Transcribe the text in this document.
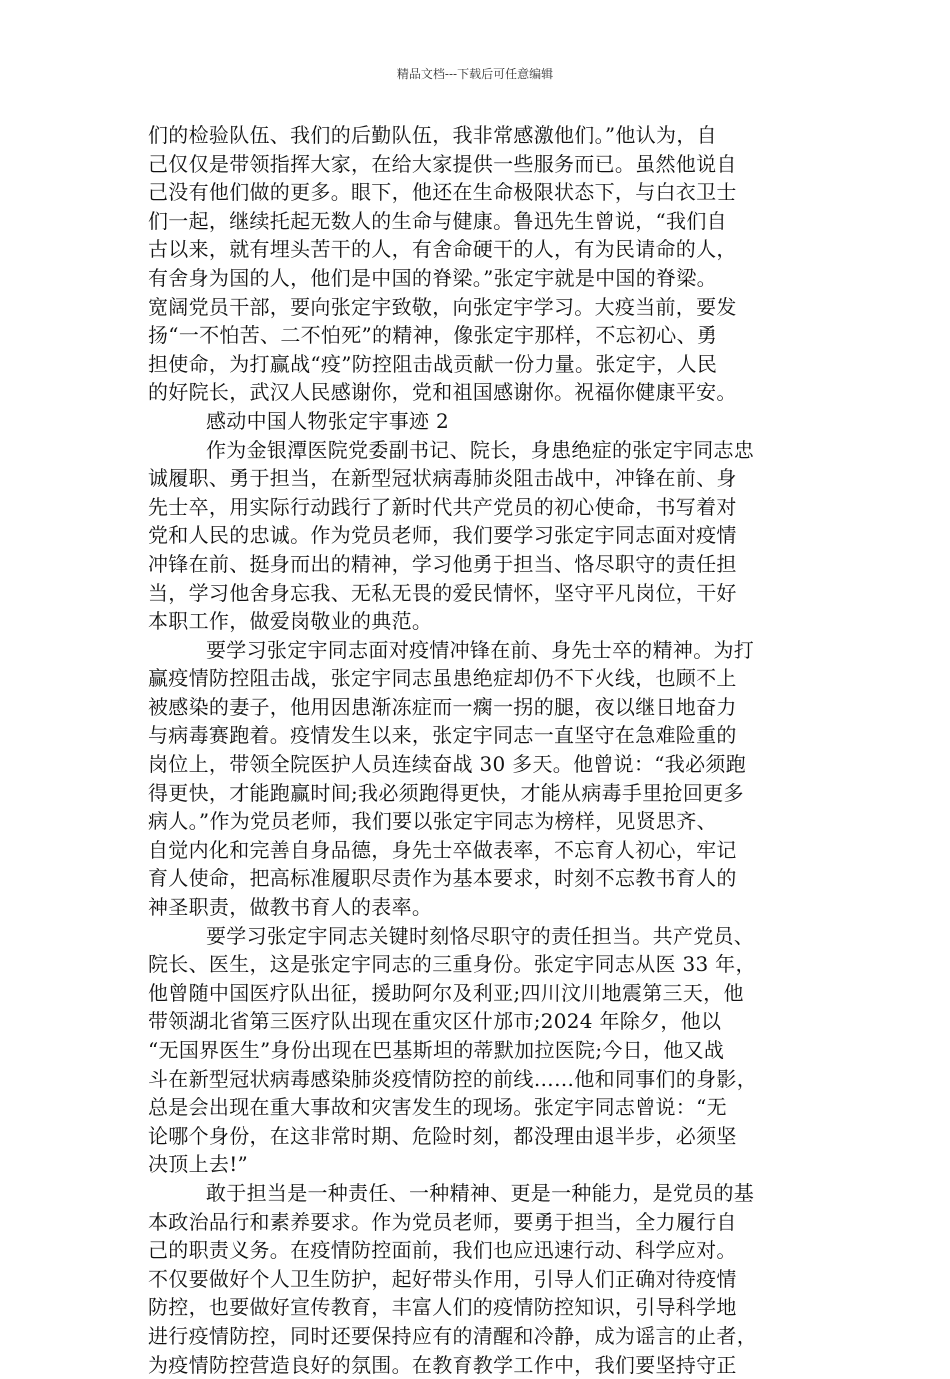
精品文档---下载后可任意编辑
们的检验队伍、我们的后勤队伍，我非常感激他们。”他认为，自
己仅仅是带领指挥大家，在给大家提供一些服务而已。虽然他说自
己没有他们做的更多。眼下，他还在生命极限状态下，与白衣卫士
们一起，继续托起无数人的生命与健康。鲁迅先生曾说，“我们自
古以来，就有埋头苦干的人，有舍命硬干的人，有为民请命的人，
有舍身为国的人，他们是中国的脊梁。”张定宇就是中国的脊梁。
宽阔党员干部，要向张定宇致敬，向张定宇学习。大疫当前，要发
扬“一不怕苦、二不怕死”的精神，像张定宇那样，不忘初心、勇
担使命，为打赢战“疫”防控阻击战贡献一份力量。张定宇，人民
的好院长，武汉人民感谢你，党和祖国感谢你。祝福你健康平安。
感动中国人物张定宇事迹 2
作为金银潭医院党委副书记、院长，身患绝症的张定宇同志忠
诚履职、勇于担当，在新型冠状病毒肺炎阻击战中，冲锋在前、身
先士卒，用实际行动践行了新时代共产党员的初心使命，书写着对
党和人民的忠诚。作为党员老师，我们要学习张定宇同志面对疫情
冲锋在前、挺身而出的精神，学习他勇于担当、恪尽职守的责任担
当，学习他舍身忘我、无私无畏的爱民情怀，坚守平凡岗位，干好
本职工作，做爱岗敬业的典范。
要学习张定宇同志面对疫情冲锋在前、身先士卒的精神。为打
赢疫情防控阻击战，张定宇同志虽患绝症却仍不下火线，也顾不上
被感染的妻子，他用因患渐冻症而一瘸一拐的腿，夜以继日地奋力
与病毒赛跑着。疫情发生以来，张定宇同志一直坚守在急难险重的
岗位上，带领全院医护人员连续奋战 30 多天。他曾说：“我必须跑
得更快，才能跑赢时间;我必须跑得更快，才能从病毒手里抢回更多
病人。”作为党员老师，我们要以张定宇同志为榜样，见贤思齐、
自觉内化和完善自身品德，身先士卒做表率，不忘育人初心，牢记
育人使命，把高标准履职尽责作为基本要求，时刻不忘教书育人的
神圣职责，做教书育人的表率。
要学习张定宇同志关键时刻恪尽职守的责任担当。共产党员、
院长、医生，这是张定宇同志的三重身份。张定宇同志从医 33 年，
他曾随中国医疗队出征，援助阿尔及利亚;四川汶川地震第三天，他
带领湖北省第三医疗队出现在重灾区什邡市;2024 年除夕，他以
“无国界医生”身份出现在巴基斯坦的蒂默加拉医院;今日，他又战
斗在新型冠状病毒感染肺炎疫情防控的前线……他和同事们的身影，
总是会出现在重大事故和灾害发生的现场。张定宇同志曾说：“无
论哪个身份，在这非常时期、危险时刻，都没理由退半步，必须坚
决顶上去!”
敢于担当是一种责任、一种精神、更是一种能力，是党员的基
本政治品行和素养要求。作为党员老师，要勇于担当，全力履行自
己的职责义务。在疫情防控面前，我们也应迅速行动、科学应对。
不仅要做好个人卫生防护，起好带头作用，引导人们正确对待疫情
防控，也要做好宣传教育，丰富人们的疫情防控知识，引导科学地
进行疫情防控，同时还要保持应有的清醒和冷静，成为谣言的止者，
为疫情防控营造良好的氛围。在教育教学工作中，我们要坚持守正
